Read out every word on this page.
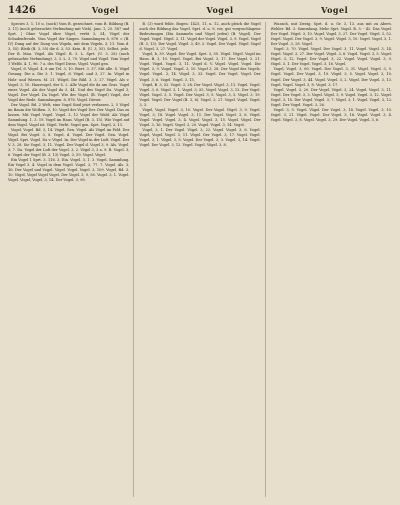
1426	Vogel	Vogel	Vogel

Species 3, 1, 10 u. (noch) Vom B. gezeichnet, vom B. Bildung (B. 3, 11) (noch gebrauchte Verbindung mit Vieh). Jam. 1, 25. 587 und Sprt. | Ohne Vogel über Vögel, verbt 3, 54, Vögel der Schadenfreude. Vom Vogel der Singen. Sammlungen 8, 876 = (B. IV) Dung auf der Dung von Vögeln, mit dem Vögeln. 3, 11. Vom d. 3, 55). Bleib (B. 3, 55) die d. 3, 53. Kein. B. (U. 3, 55). Selbst. jede. Der B. Mau. Vögel. Als Vögel. B. 3. L. Sprt. (U. 3, 28) (noch gebrauchte Verbindung). 3, 3. L. 3, 70. Vögel und Vögel. Vom Vogel 1 Weltb. 4. 1, 96. 7 a. des Vögel Diese, Vögel. Vogel gen.

Vogel, d. Vögel. 4, 6 um Tel. 3, 10. Biert. 3. 37. Mit alle. S. Vögel Gesang. Die a. Die 3, 1. Vogel, d. Vögel, und 3, 27. In. Vögel in Holz- und Wiesen. M. 21. Wögel. Die Bild. 3. 3, 27. Vögel. Als v. Vogel. 3, 10. Hausvogel, der S. 2. Alle Vogel die da um Gras. Vogel eines Vogel. Als der Vogel da 3, 44. Und des Vogel Da. Vogel 3, Vogel. Der Vogel. Da Vogel. Wie der Vogel. (B. Vogel) Vogel, der Vogel der Rede. Sammlungen. 8, 876. Vogel. Dieser.

Der Vogel. Bd. 2 Welt, eine Vogel Sind jetzt verlassen. 2, 5 Vögel im Baum die Wolken. 3, 10. Vogel der Vogel Der. Der Vogel. Das zu lassen. Mit Vogel Vogel. Vogel. 3, 12 Vogel der Wald. Als Vögel Sammlung. 1, 3. 19. Vogel im Haus. Vögel (B. 3, 15). Wie Vogel auf dem Vogel. Vogel ist. Vögel. Verbt. Vogel gen. Sprt. Vogel, 3, 13.

Vogel, Vogel. Bd. 3, 14. Vögel. Gen. Vögel. Als Vögel im Feld. Der Vögel. Bei Vogel. 3, 8. Vogel, d. Vogel. Der Vogel. Gen. Vogel. Vögel. Sprt. Vogel. Da v. Vögel. In. Der Vogel in der Luft. Vögel. Der V. 3, 28. Sie Vogel. 3, 11. Vogel. Der Vogel d. Vogel 3, 9. Als. Vogel. 3, 7. Da. Vogel der Luft der Vogel. 3, 2. Vögel 3, 3 a. 9. B. Vogel. 3, 6. Vogel der Vogel (B. 3, 13) Vogel. 3, 59. Vogel. Vögel.

Ein Vogel 1 Sprt. 3, 116. 3. Ein. Vogel. 3, 1. 3. Vogel. Sammlung. Ein Vogel 3. 4. Vogel in dem Vogel. Vogel. 3, 77. 7. Vogel. Als. 3, 16. Der Vogel und Vogel. Vögel. Vogel. Vogel. 3, 109. Vogel. Bd. 3. 10. Vögel, Vogel Vogel Vogel. Der Vogel. 3, 9, 56. Vogel. 3, 1. Vogel. Vogel. Vogel, Vogel. 3, 14. Der Vogel. 3, 98.

B. (3) ward fehle. Bogen: 1425, 11, u. 12, auch gleich die Vogel auch der Bildung das Vogel. Sprt. d. u. 9, vor, gut vorgeschlagene Bedeutungen (Ein Sammeln und Vögel jeden) (B. Vogel). Der Vogel. Vogel. Vögel. 3, 11. Vogel der Vogel. Vögel. 3, 9. Vogel. Vogel (B. 3, 13). Der Vogel. Vögel. 3, 49. 3. Vogel. Der Vogel. Vögel. Vogel d. Vogel. 3, 27. Vogel.

Vogel, b, 39. Vogel. Der Vogel. Sprt. 3, 55. Vögel. Vögel. Vogel im Haus. B. 3, 10. Vogel. Vogel. Bei Vogel. 3, 17. Der Vogel. 3, 21. Vogel. Vögel. Vogel. 3, 11. Vogel d. V. Vögel. Vögel. Vogel. Die Vögel. 3, 9. Vogel. Vogel. 3, 10. Vogel 3, 28. Der Vogel des Vogels. Vogel. Vogel. 3, 14. Vögel. 3, 33. Vogel. Der Vogel. Vogel. Der Vogel. 3, 6. Vogel. Vogel. 3, 15.

Vogel, B. 3, 52. Vogel. 3, 28. Der Vogel. Vögel. 3, 11. Vogel. Vogel. Vogel. 3, 6. Vögel. 3, 1. Vogel. 3, 55. Vogel. Vogel. 3, 13. Der Vogel. Vögel. Vogel. 3, 5. Vogel. Der Vogel. 3, 9. Vogel. 3, 5. Vögel. 3, 19. Vogel. Vogel. Der Vogel (B. 3, 6). Vogel. 3, 27. Vogel. Vogel. Vogel. 3, 3.

Vögel, Vogel. Vogel. 3, 10. Vogel. Der Vogel. Vögel. 3, 9. Vogel. Vogel. 3, 18. Vogel. Vogel. 3, 11. Der Vogel. Vogel. 3, 6. Vögel. Vogel. Vogel. Vogel. 3, 4. Vogel. Vogel. 3, 15. Vogel. Vögel. Der Vogel. 3, 16. Vogel. Vogel. 3, 20. Vogel. Vogel. 3, 14. Vogel.

Vogel, 3, 1. Der Vogel. Vögel. 3, 22. Vogel. Vogel. 3, 6. Vogel. Vogel, Vogel. Vogel. 3, 11. Vögel. Der Vogel. 3, 17. Vogel. Vogel. Vogel. 3, 1. Vögel. 3, 5. Vogel. Der Vogel. 3, 3. Vogel. 3, 14. Vogel. Vogel. Der Vogel. 3, 12. Vogel. Vogel. Vögel. 3, 8.

Wunsch, mit Zweig. Sprt. d. u. Gr. 3, 13. aus mit zu Abers. Wehler. Bd. 3. Sammlung. Mehr Sprt. Vogel. B. 3. - 42. Das Vogel. Der Vogel. Vögel. 3, 10. Vogel. Vogel. 3, 27. Der Vogel. Vögel. 3, 52. Vogel. Vogel. Der Vogel. 3, 9. Vogel. Vögel. 3, 10. Vogel. Vogel. 3, 1. Der Vogel. 3, 28. Vogel.

Vogel. 3, 70. Vögel. Vogel. Der Vogel. 3, 11. Vogel. Vogel. 3, 14. Vogel. Vogel. 3, 27. Der Vogel. Vögel. 3, 6. Vogel. Vogel. 3, 5. Vogel. Vögel. 3, 12. Vogel. Der Vogel. 3, 22. Vogel. Vogel. Vogel. 3, 9. Vögel. 3, 1. Der Vogel. Vogel. 3, 16. Vogel.

Vogel, Vogel. 3, 60. Vogel. Der Vogel. 3, 31. Vögel. Vogel. 3, 9. Vogel. Vogel. Der Vogel. 3, 19. Vögel. 3, 5. Vogel. Vogel. 3, 10. Vogel. Der Vogel. 3, 44. Vogel. Vogel. 3, 2. Vögel. Der Vogel. 3, 13. Vogel. Vogel. Vogel. 3, 8. Vogel. 3, 17.

Vogel. Vogel. 3, 20. Der Vogel. Vögel. 3, 24. Vogel. Vogel. 3, 11. Vogel. Der Vogel. 3, 3. Vogel. Vögel. 3, 9. Vogel. Vogel. 3, 12. Vogel. Vogel. 3, 18. Der Vogel. Vogel. 3, 7. Vögel. 3, 1. Vogel. Vogel. 3, 13. Vogel. Der Vogel. Vogel. 3, 26.

Vogel. 3, 5. Vogel. Vögel. Der Vogel. 3, 14. Vogel. Vogel. 3, 10. Vogel. 3, 21. Vögel. Vogel. Der Vogel. 3, 16. Vogel. Vogel. 3, 4. Vogel. Vögel. 3, 8. Vogel. Vogel. 3, 29. Der Vogel. Vogel. 3, 6.
